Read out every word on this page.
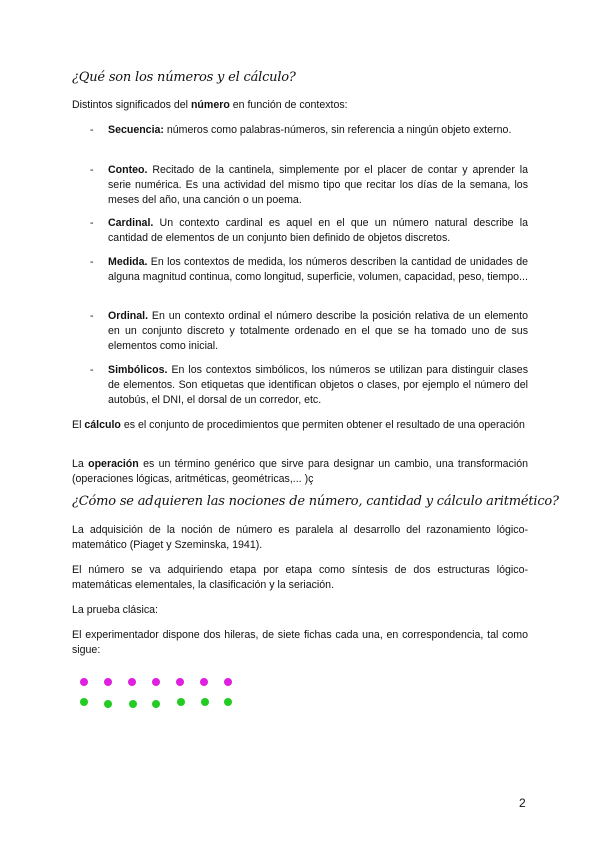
¿Qué son los números y el cálculo?
Distintos significados del número en función de contextos:
- Secuencia: números como palabras-números, sin referencia a ningún objeto externo.
- Conteo. Recitado de la cantinela, simplemente por el placer de contar y aprender la serie numérica. Es una actividad del mismo tipo que recitar los días de la semana, los meses del año, una canción o un poema.
- Cardinal. Un contexto cardinal es aquel en el que un número natural describe la cantidad de elementos de un conjunto bien definido de objetos discretos.
- Medida. En los contextos de medida, los números describen la cantidad de unidades de alguna magnitud continua, como longitud, superficie, volumen, capacidad, peso, tiempo...
- Ordinal. En un contexto ordinal el número describe la posición relativa de un elemento en un conjunto discreto y totalmente ordenado en el que se ha tomado uno de sus elementos como inicial.
- Simbólicos. En los contextos simbólicos, los números se utilizan para distinguir clases de elementos. Son etiquetas que identifican objetos o clases, por ejemplo el número del autobús, el DNI, el dorsal de un corredor, etc.
El cálculo es el conjunto de procedimientos que permiten obtener el resultado de una operación
La operación es un término genérico que sirve para designar un cambio, una transformación (operaciones lógicas, aritméticas, geométricas,... )ç
¿Cómo se adquieren las nociones de número, cantidad y cálculo aritmético?
La adquisición de la noción de número es paralela al desarrollo del razonamiento lógico-matemático (Piaget y Szeminska, 1941).
El número se va adquiriendo etapa por etapa como síntesis de dos estructuras lógico-matemáticas elementales, la clasificación y la seriación.
La prueba clásica:
El experimentador dispone dos hileras, de siete fichas cada una, en correspondencia, tal como sigue:
2
